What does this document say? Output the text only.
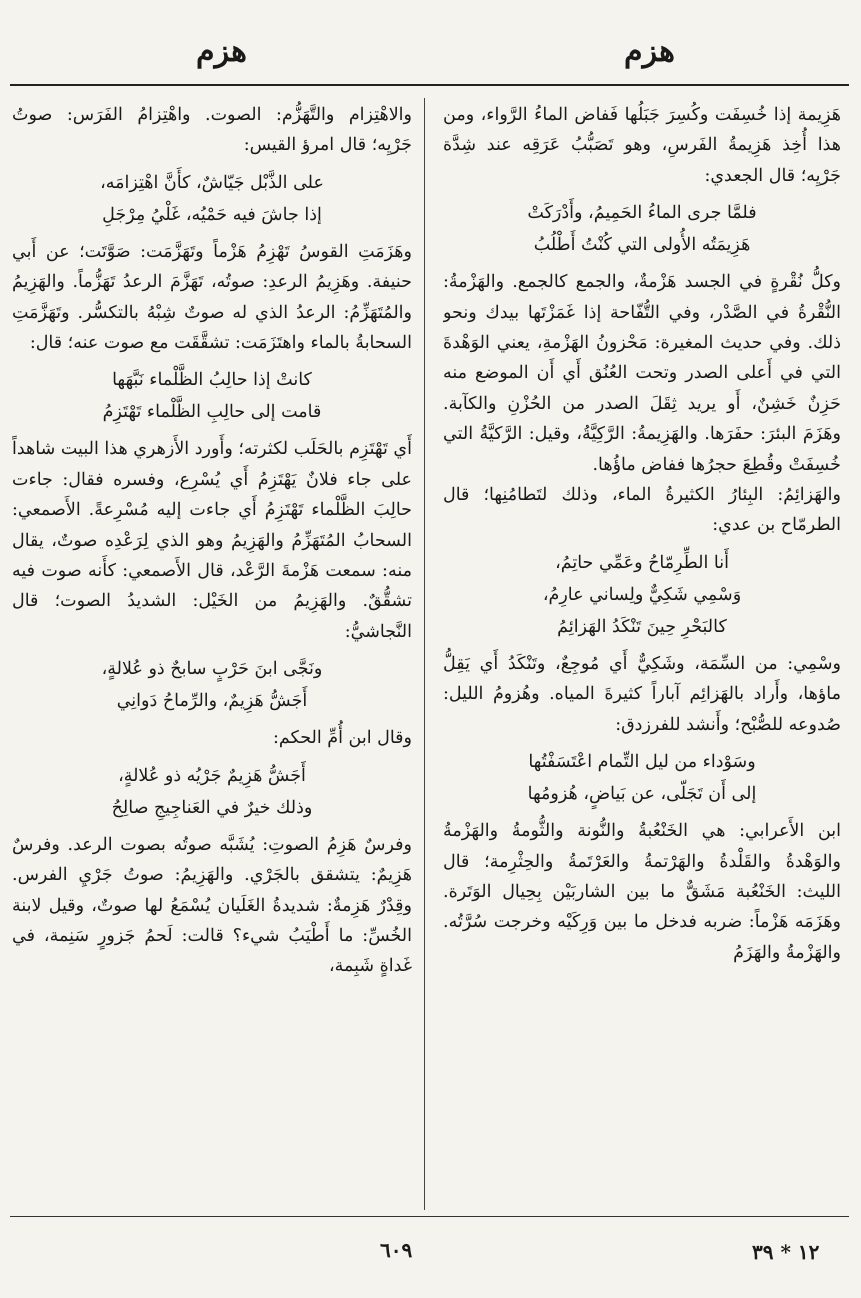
هزم
هزم

هَزِيمة إذا خُسِفَت وكُسِرَ جَبَلُها فَفاض الماءُ الرَّواء، ومن هذا أُخِذ هَزِيمةُ الفَرسِ، وهو تَصَبُّبُ عَرَقِه عند شِدَّة جَرْيِه؛ قال الجعدي:

فلمَّا جرى الماءُ الحَمِيمُ، وأَدْرَكَتْ
هَزِيمَتُه الأُولى التي كُنْتُ أَطْلُبُ

وكلُّ نُقْرةٍ في الجسد هَزْمةٌ، والجمع كالجمع. والهَزْمةُ: النُّقْرةُ في الصَّدْر، وفي التُّفّاحة إذا غَمَزْتَها بيدك ونحو ذلك. وفي حديث المغيرة: مَحْزونُ الهَزْمةِ، يعني الوَهْدةَ التي في أَعلى الصدر وتحت العُنُق أَي أَن الموضع منه حَزِنٌ خَشِنٌ، أَو يريد ثِقَلَ الصدر من الحُزْنِ والكآبة. وهَزَمَ البئرَ: حفَرَها. والهَزِيمةُ: الرَّكِيَّةُ، وقيل: الرَّكيَّةُ التي خُسِفَتْ وقُطِعَ حجرُها ففاض ماؤُها.

والهَزائِمُ: البِئارُ الكثيرةُ الماء، وذلك لتَطامُنِها؛ قال الطرمّاح بن عدي:

أَنا الطِّرِمّاحُ وعَمِّي حاتِمُ،
وَسْمِي شَكِيٌّ ولِساني عارِمُ،
كالبَحْرِ حِينَ تَنْكَدُ الهَزائِمُ

وسْمِي: من السِّمَة، وشَكِيٌّ أَي مُوجِعٌ، وتَنْكَدُ أَي يَقِلُّ ماؤها، وأَراد بالهَزائِم آباراً كثيرةَ المياه. وهُزومُ الليل: صُدوعه للصُّبْح؛ وأَنشد للفرزدق:

وسَوْداء من ليل التِّمام اعْتَسَفْتُها
إلى أَن تَجَلّى، عن بَياضٍ، هُزومُها

ابن الأَعرابي: هي الخَنْعُبةُ والنُّونة والثُّومةُ والهَزْمةُ والوَهْدةُ والقَلْدةُ والهَرْتمةُ والعَرْتَمةُ والحِثْرِمة؛ قال الليث: الخَنْعُبة مَشَقٌّ ما بين الشاربَيْن بِحِيال الوَتَرة. وهَزَمَه هَزْماً: ضربه فدخل ما بين وَرِكَيْه وخرجت سُرَّتُه. والهَزْمةُ والهَزَمُ

والاهْتِزام والتَّهَزُّم: الصوت. واهْتِزامُ الفَرَس: صوتُ جَرْيِه؛ قال امرؤ القيس:

على الذَّبْل جَيّاشٌ، كأَنَّ اهْتِزامَه،
إذا جاشَ فيه حَمْيُه، غَلْيُ مِرْجَلِ

وهَزَمَتِ القوسُ تَهْزِمُ هَزْماً وتَهَزَّمَت: صَوَّتَت؛ عن أَبي حنيفة. وهَزِيمُ الرعدِ: صوتُه، تَهَزَّمَ الرعدُ تَهَزُّماً. والهَزِيمُ والمُتَهَزِّمُ: الرعدُ الذي له صوتٌ شِبْهُ بالتكسُّر. وتَهَزَّمَتِ السحابةُ بالماء واهتَزَمَت: تشقَّقَت مع صوت عنه؛ قال:

كانتْ إذا حالِبُ الظَّلْماء نَبَّهَها
قامت إلى حالِبِ الظَّلْماء تَهْتَزِمُ

أَي تَهْتَزِم بالحَلَب لكثرته؛ وأَورد الأَزهري هذا البيت شاهداً على جاء فلانٌ يَهْتَزِمُ أَي يُسْرِع، وفسره فقال: جاءت حالِبَ الظَّلْماء تَهْتَزِمُ أَي جاءت إليه مُسْرِعةً. الأَصمعي: السحابُ المُتَهَزِّمُ والهَزِيمُ وهو الذي لِرَعْدِه صوتٌ، يقال منه: سمعت هَزْمةَ الرَّعْد، قال الأَصمعي: كأَنه صوت فيه تشقُّقٌ. والهَزِيمُ من الخَيْل: الشديدُ الصوت؛ قال النَّجاشيُّ:

ونَجَّى ابنَ حَرْبٍ سابحٌ ذو عُلالةٍ،
أَجَشُّ هَزِيمٌ، والرِّماحُ دَوانِي

وقال ابن أُمِّ الحكم:

أَجَشُّ هَزِيمٌ جَرْيُه ذو عُلالةٍ،
وذلك خيرٌ في العَناجِيجِ صالِحُ

وفرسٌ هَزِمُ الصوتِ: يُشَبَّه صوتُه بصوت الرعد. وفرسٌ هَزِيمٌ: يتشقق بالجَرْي. والهَزِيمُ: صوتُ جَرْيِ الفرس. وقِدْرٌ هَزِمةٌ: شديدةُ الغَلَيان يُسْمَعُ لها صوتٌ، وقيل لابنة الخُسِّ: ما أَطْيَبُ شيء؟ قالت: لَحمُ جَزورٍ سَنِمة، في غَداةٍ شَبِمة،

٦٠٩	١٢ * ٣٩
